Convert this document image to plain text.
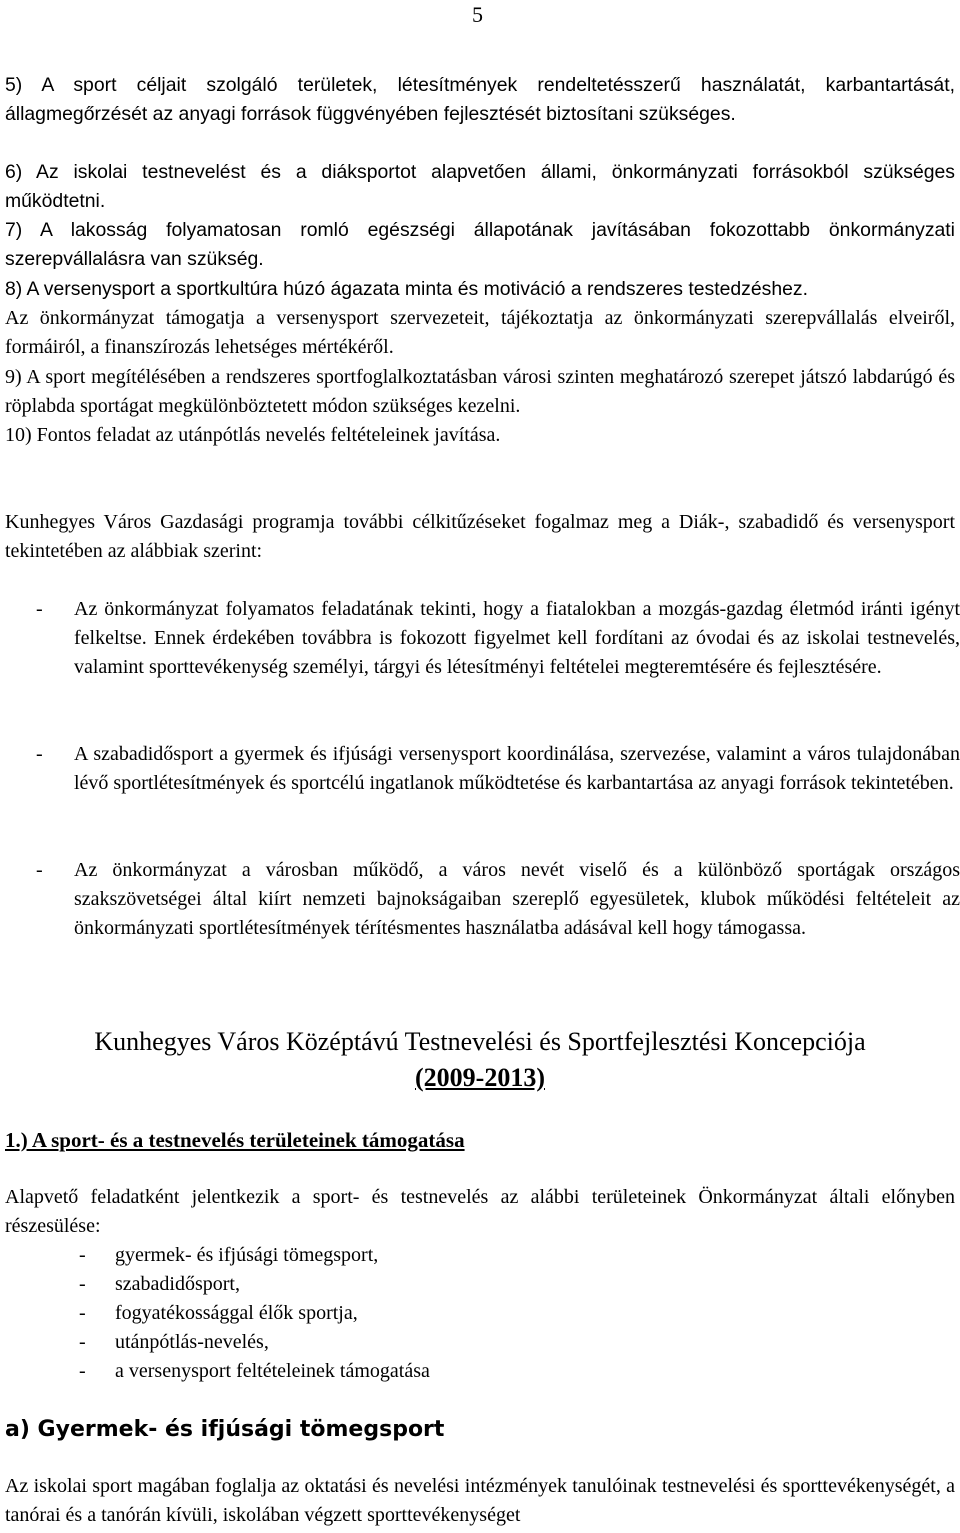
5

5) A sport céljait szolgáló területek, létesítmények rendeltetésszerű használatát, karbantartását, állagmegőrzését az anyagi források függvényében fejlesztését biztosítani szükséges.

6) Az iskolai testnevelést és a diáksportot alapvetően állami, önkormányzati forrásokból szükséges működtetni.

7) A lakosság folyamatosan romló egészségi állapotának javításában fokozottabb önkormányzati szerepvállalásra van szükség.

8) A versenysport a sportkultúra húzó ágazata minta és motiváció a rendszeres testedzéshez.

Az önkormányzat támogatja a versenysport szervezeteit, tájékoztatja az önkormányzati szerepvállalás elveiről, formáiról, a finanszírozás lehetséges mértékéről.

9) A sport megítélésében a rendszeres sportfoglalkoztatásban városi szinten meghatározó szerepet játszó labdarúgó és röplabda sportágat megkülönböztetett módon szükséges kezelni.

10) Fontos feladat az utánpótlás nevelés feltételeinek javítása.

Kunhegyes Város Gazdasági programja további célkitűzéseket fogalmaz meg a Diák-, szabadidő és versenysport tekintetében az alábbiak szerint:

- Az önkormányzat folyamatos feladatának tekinti, hogy a fiatalokban a mozgás-gazdag életmód iránti igényt felkeltse. Ennek érdekében továbbra is fokozott figyelmet kell fordítani az óvodai és az iskolai testnevelés, valamint sporttevékenység személyi, tárgyi és létesítményi feltételei megteremtésére és fejlesztésére.
- A szabadidősport a gyermek és ifjúsági versenysport koordinálása, szervezése, valamint a város tulajdonában lévő sportlétesítmények és sportcélú ingatlanok működtetése és karbantartása az anyagi források tekintetében.
- Az önkormányzat a városban működő, a város nevét viselő és a különböző sportágak országos szakszövetségei által kiírt nemzeti bajnokságaiban szereplő egyesületek, klubok működési feltételeit az önkormányzati sportlétesítmények térítésmentes használatba adásával kell hogy támogassa.
Kunhegyes Város Középtávú Testnevelési és Sportfejlesztési Koncepciója
(2009-2013)
1.) A sport- és a testnevelés területeinek támogatása

Alapvető feladatként jelentkezik a sport- és testnevelés az alábbi területeinek Önkormányzat általi előnyben részesülése:

- gyermek- és ifjúsági tömegsport,
- szabadidősport,
- fogyatékossággal élők sportja,
- utánpótlás-nevelés,
- a versenysport feltételeinek támogatása
a) Gyermek- és ifjúsági tömegsport

Az iskolai sport magában foglalja az oktatási és nevelési intézmények tanulóinak testnevelési és sporttevékenységét, a tanórai és a tanórán kívüli, iskolában végzett sporttevékenységet
